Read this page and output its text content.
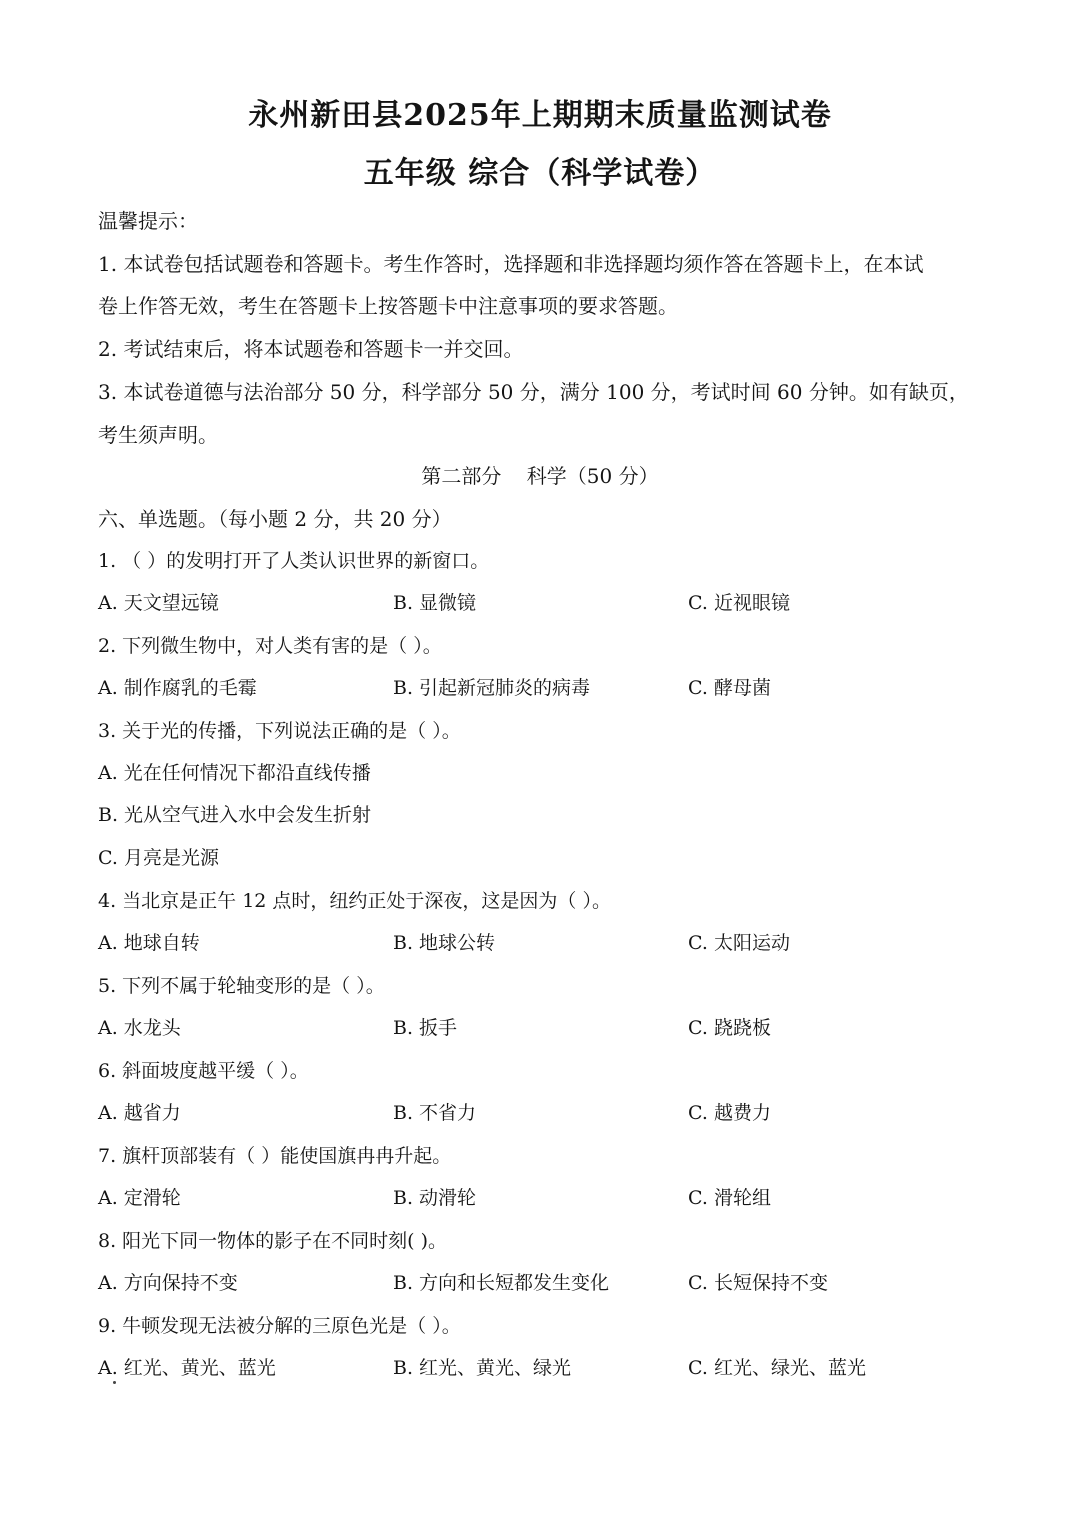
永州新田县2025年上期期末质量监测试卷
五年级 综合（科学试卷）
温馨提示：
1. 本试卷包括试题卷和答题卡。考生作答时，选择题和非选择题均须作答在答题卡上，在本试
卷上作答无效，考生在答题卡上按答题卡中注意事项的要求答题。
2. 考试结束后，将本试题卷和答题卡一并交回。
3. 本试卷道德与法治部分 50 分，科学部分 50 分，满分 100 分，考试时间 60 分钟。如有缺页，
考生须声明。
第二部分    科学（50 分）
六、单选题。（每小题 2 分，共 20 分）
1. （ ）的发明打开了人类认识世界的新窗口。
A. 天文望远镜	B. 显微镜	C. 近视眼镜
2. 下列微生物中，对人类有害的是（ ）。
A. 制作腐乳的毛霉	B. 引起新冠肺炎的病毒	C. 酵母菌
3. 关于光的传播，下列说法正确的是（ ）。
A. 光在任何情况下都沿直线传播
B. 光从空气进入水中会发生折射
C. 月亮是光源
4. 当北京是正午 12 点时，纽约正处于深夜，这是因为（ ）。
A. 地球自转	B. 地球公转	C. 太阳运动
5. 下列不属于轮轴变形的是（ ）。
A. 水龙头	B. 扳手	C. 跷跷板
6. 斜面坡度越平缓（ ）。
A. 越省力	B. 不省力	C. 越费力
7. 旗杆顶部装有（ ）能使国旗冉冉升起。
A. 定滑轮	B. 动滑轮	C. 滑轮组
8. 阳光下同一物体的影子在不同时刻( )。
A. 方向保持不变	B. 方向和长短都发生变化	C. 长短保持不变
9. 牛顿发现无法被分解的三原色光是（ ）。
A. 红光、黄光、蓝光	B. 红光、黄光、绿光	C. 红光、绿光、蓝光
